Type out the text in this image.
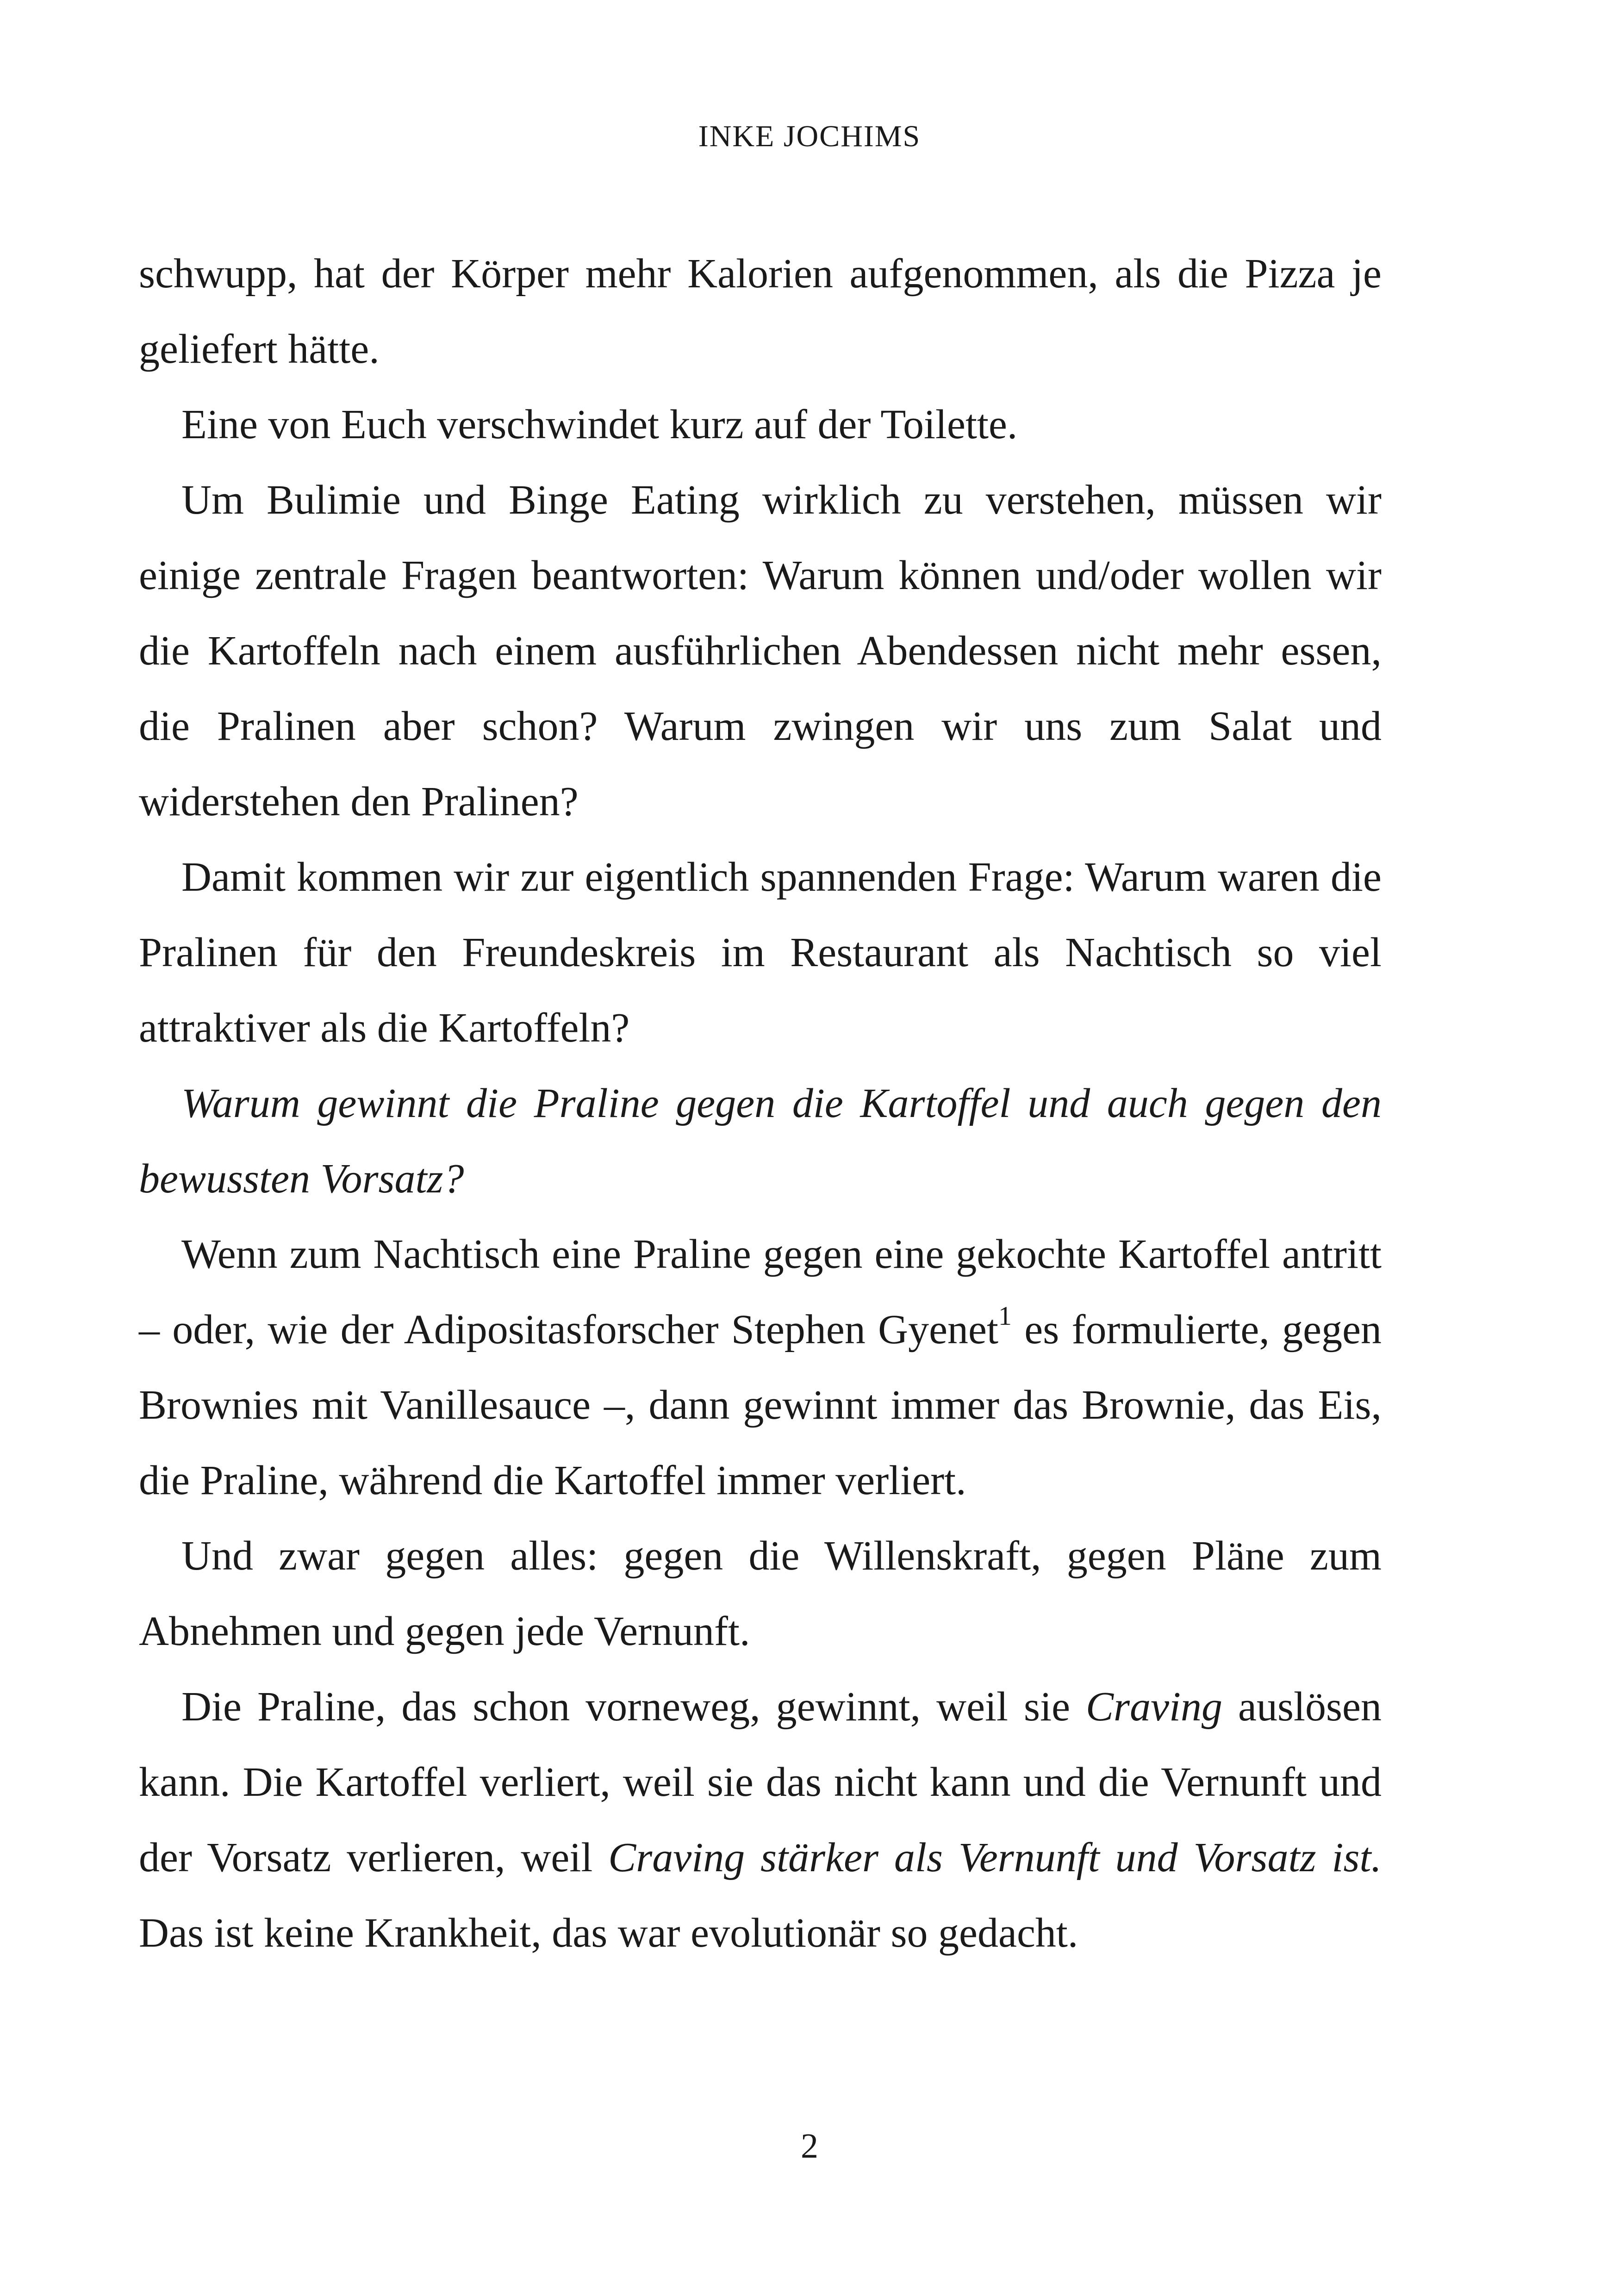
INKE JOCHIMS

schwupp, hat der Körper mehr Kalorien aufgenommen, als die Pizza je geliefert hätte.

Eine von Euch verschwindet kurz auf der Toilette.

Um Bulimie und Binge Eating wirklich zu verstehen, müssen wir einige zentrale Fragen beantworten: Warum können und/oder wollen wir die Kartoffeln nach einem ausführlichen Abendessen nicht mehr essen, die Pralinen aber schon? Warum zwingen wir uns zum Salat und widerstehen den Pralinen?

Damit kommen wir zur eigentlich spannenden Frage: Warum waren die Pralinen für den Freundeskreis im Restaurant als Nachtisch so viel attraktiver als die Kartoffeln?

Warum gewinnt die Praline gegen die Kartoffel und auch gegen den bewussten Vorsatz?

Wenn zum Nachtisch eine Praline gegen eine gekochte Kartoffel antritt – oder, wie der Adipositasforscher Stephen Gyenet$^1$ es formulierte, gegen Brownies mit Vanillesauce –, dann gewinnt immer das Brownie, das Eis, die Praline, während die Kartoffel immer verliert.

Und zwar gegen alles: gegen die Willenskraft, gegen Pläne zum Abnehmen und gegen jede Vernunft.

Die Praline, das schon vorneweg, gewinnt, weil sie Craving auslösen kann. Die Kartoffel verliert, weil sie das nicht kann und die Vernunft und der Vorsatz verlieren, weil Craving stärker als Vernunft und Vorsatz ist. Das ist keine Krankheit, das war evolutionär so gedacht.

2
